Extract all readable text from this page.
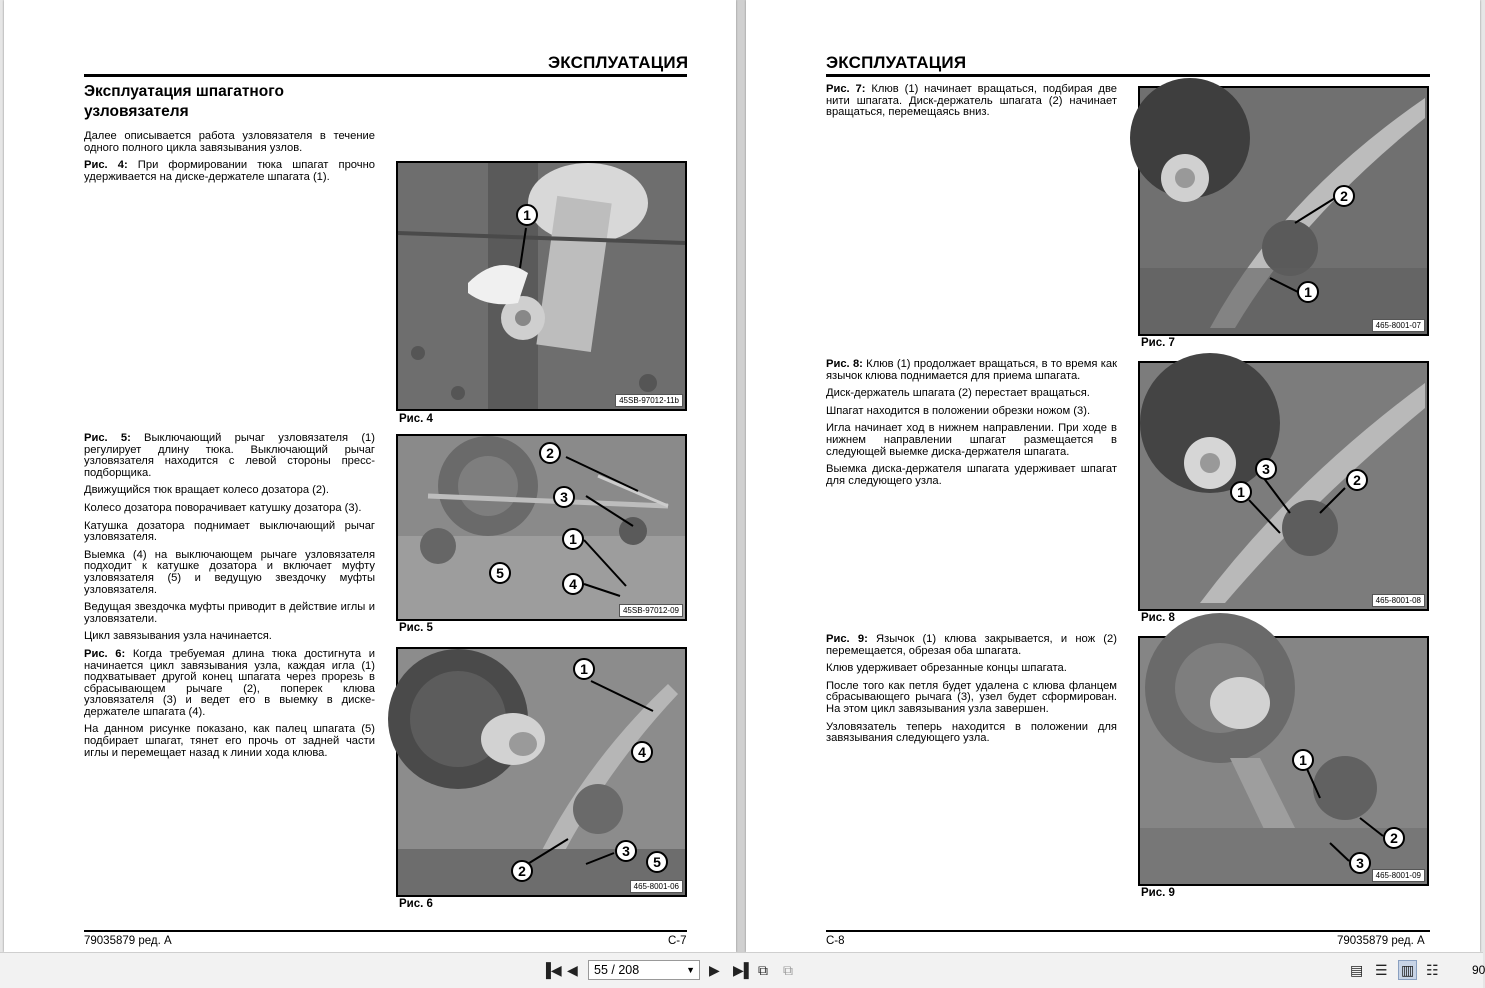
ЭКСПЛУАТАЦИЯ
Эксплуатация шпагатного
узловязателя

Далее описывается работа узловязателя в течение одного полного цикла завязывания узлов.

Рис. 4: При формировании тюка шпагат прочно удерживается на диске-держателе шпагата (1).

Рис. 5: Выключающий рычаг узловязателя (1) регулирует длину тюка. Выключающий рычаг узловязателя находится с левой стороны пресс-подборщика.

Движущийся тюк вращает колесо дозатора (2).

Колесо дозатора поворачивает катушку дозатора (3).

Катушка дозатора поднимает выключающий рычаг узловязателя.

Выемка (4) на выключающем рычаге узловязателя подходит к катушке дозатора и включает муфту узловязателя (5) и ведущую звездочку муфты узловязателя.

Ведущая звездочка муфты приводит в действие иглы и узловязатели.

Цикл завязывания узла начинается.

Рис. 6: Когда требуемая длина тюка достигнута и начинается цикл завязывания узла, каждая игла (1) подхватывает другой конец шпагата через прорезь в сбрасывающем рычаге (2), поперек клюва узловязателя (3) и ведет его в выемку в диске-держателе шпагата (4).

На данном рисунке показано, как палец шпагата (5) подбирает шпагат, тянет его прочь от задней части иглы и перемещает назад к линии хода клюва.

1
45SB-97012-11b
Рис. 4
2
3
1
4
5
45SB-97012-09
Рис. 5
1
4
3
5
2
465-8001-06
Рис. 6
79035879 ред. A	C-7
ЭКСПЛУАТАЦИЯ

Рис. 7: Клюв (1) начинает вращаться, подбирая две нити шпагата. Диск-держатель шпагата (2) начинает вращаться, перемещаясь вниз.

Рис. 8: Клюв (1) продолжает вращаться, в то время как язычок клюва поднимается для приема шпагата.

Диск-держатель шпагата (2) перестает вращаться.

Шпагат находится в положении обрезки ножом (3).

Игла начинает ход в нижнем направлении. При ходе в нижнем направлении шпагат размещается в следующей выемке диска-держателя шпагата.

Выемка диска-держателя шпагата удерживает шпагат для следующего узла.

Рис. 9: Язычок (1) клюва закрывается, и нож (2) перемещается, обрезая оба шпагата.

Клюв удерживает обрезанные концы шпагата.

После того как петля будет удалена с клюва фланцем сбрасывающего рычага (3), узел будет сформирован. На этом цикл завязывания узла завершен.

Узловязатель теперь находится в положении для завязывания следующего узла.

2
1
465-8001-07
Рис. 7
3
2
1
465-8001-08
Рис. 8
1
2
3
465-8001-09
Рис. 9
C-8	79035879 ред. A
▐◀ ◀	55 / 208	▼ ▶ ▶▌ ⧉ ⧉	▤ ☰ ▥ ☷	90
